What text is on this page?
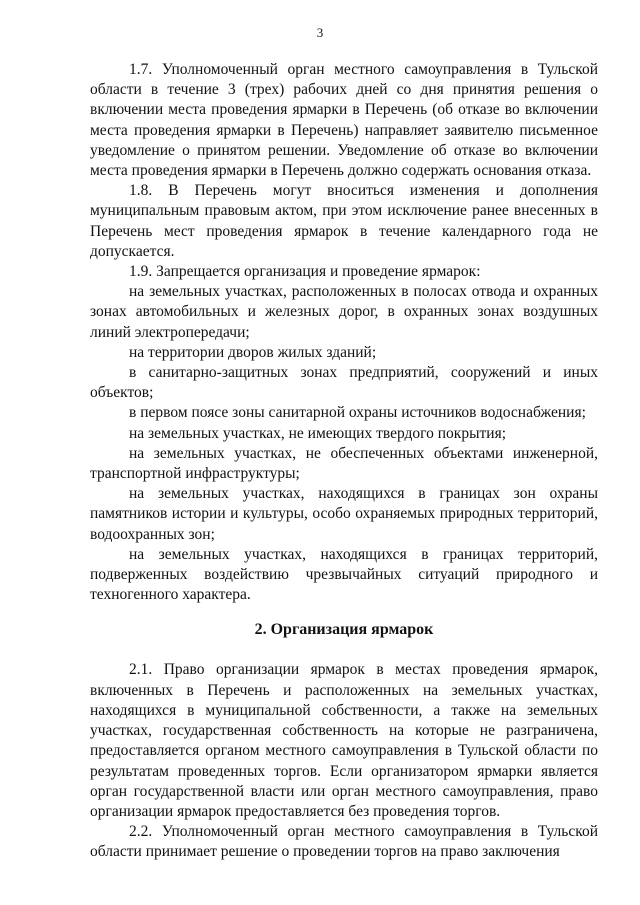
3

1.7. Уполномоченный орган местного самоуправления в Тульской области в течение 3 (трех) рабочих дней со дня принятия решения о включении места проведения ярмарки в Перечень (об отказе во включении места проведения ярмарки в Перечень) направляет заявителю письменное уведомление о принятом решении. Уведомление об отказе во включении места проведения ярмарки в Перечень должно содержать основания отказа.

1.8. В Перечень могут вноситься изменения и дополнения муниципальным правовым актом, при этом исключение ранее внесенных в Перечень мест проведения ярмарок в течение календарного года не допускается.

1.9. Запрещается организация и проведение ярмарок:

на земельных участках, расположенных в полосах отвода и охранных зонах автомобильных и железных дорог, в охранных зонах воздушных линий электропередачи;

на территории дворов жилых зданий;

в санитарно-защитных зонах предприятий, сооружений и иных объектов;

в первом поясе зоны санитарной охраны источников водоснабжения;

на земельных участках, не имеющих твердого покрытия;

на земельных участках, не обеспеченных объектами инженерной, транспортной инфраструктуры;

на земельных участках, находящихся в границах зон охраны памятников истории и культуры, особо охраняемых природных территорий, водоохранных зон;

на земельных участках, находящихся в границах территорий, подверженных воздействию чрезвычайных ситуаций природного и техногенного характера.

2. Организация ярмарок

2.1. Право организации ярмарок в местах проведения ярмарок, включенных в Перечень и расположенных на земельных участках, находящихся в муниципальной собственности, а также на земельных участках, государственная собственность на которые не разграничена, предоставляется органом местного самоуправления в Тульской области по результатам проведенных торгов. Если организатором ярмарки является орган государственной власти или орган местного самоуправления, право организации ярмарок предоставляется без проведения торгов.

2.2. Уполномоченный орган местного самоуправления в Тульской области принимает решение о проведении торгов на право заключения
